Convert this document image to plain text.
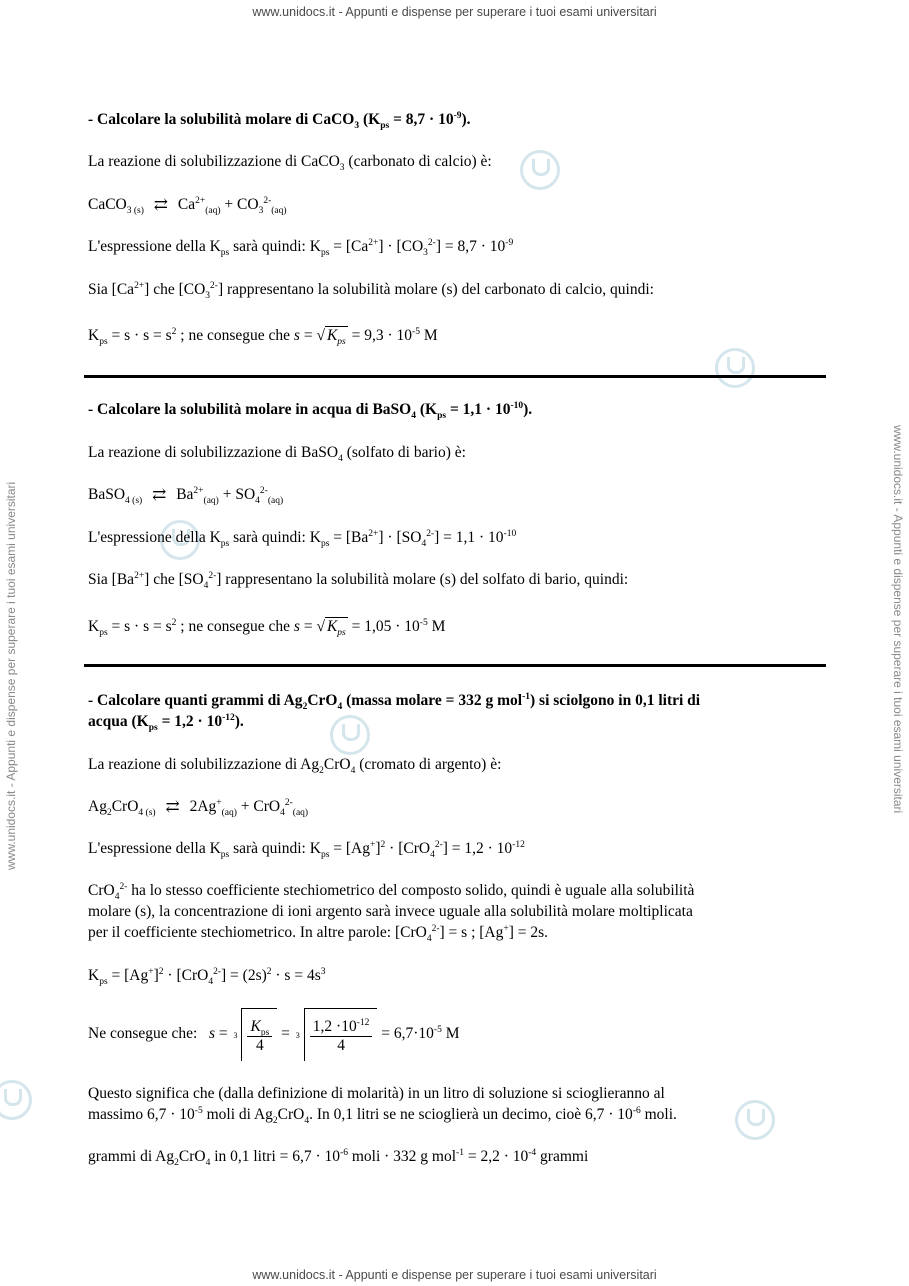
www.unidocs.it - Appunti e dispense per superare i tuoi esami universitari
www.unidocs.it - Appunti e dispense per superare i tuoi esami universitari
www.unidocs.it - Appunti e dispense per superare i tuoi esami universitari	www.unidocs.it - Appunti e dispense per superare i tuoi esami universitari
- Calcolare la solubilità molare di CaCO$_3$ $(K_{ps} = 8,7 \cdot 10^{-9})$.
La reazione di solubilizzazione di CaCO$_3$ (carbonato di calcio) è:
CaCO$_{3 (s)}$ ⇄ $Ca^{2+}_{(aq)} + CO_3^{2-}_{(aq)}$
L'espressione della $K_{ps}$ sarà quindi: $K_{ps} = [Ca^{2+}] \cdot [CO_3^{2-}] = 8,7 \cdot 10^{-9}$
Sia $[Ca^{2+}]$ che $[CO_3^{2-}]$ rappresentano la solubilità molare (s) del carbonato di calcio, quindi:
$K_{ps} = s \cdot s = s^2$ ; ne consegue che s = √ $K_{ps} = 9,3 \cdot 10^{-5}$ M
- Calcolare la solubilità molare in acqua di BaSO$_4$ $(K_{ps} = 1,1 \cdot 10^{-10})$.
La reazione di solubilizzazione di BaSO$_4$ (solfato di bario) è:
BaSO$_{4 (s)}$ ⇄ $Ba^{2+}_{(aq)} + SO_4^{2-}_{(aq)}$
L'espressione della $K_{ps}$ sarà quindi: $K_{ps} = [Ba^{2+}] \cdot [SO_4^{2-}] = 1,1 \cdot 10^{-10}$
Sia $[Ba^{2+}]$ che $[SO_4^{2-}]$ rappresentano la solubilità molare (s) del solfato di bario, quindi:
$K_{ps} = s \cdot s = s^2$ ; ne consegue che s = √ $K_{ps} = 1,05 \cdot 10^{-5}$ M
- Calcolare quanti grammi di $Ag_2CrO_4$ (massa molare = 332 g mol$^{-1}$) si sciolgono in 0,1 litri di
acqua $(K_{ps} = 1,2 \cdot 10^{-12})$.
La reazione di solubilizzazione di $Ag_2CrO_4$ (cromato di argento) è:
$Ag_2CrO_{4 (s)}$ ⇄ $2Ag^+_{(aq)} + CrO_4^{2-}_{(aq)}$
L'espressione della $K_{ps}$ sarà quindi: $K_{ps} = [Ag^+]^2 \cdot [CrO_4^{2-}] = 1,2 \cdot 10^{-12}$
CrO$_4^{2-}$ ha lo stesso coefficiente stechiometrico del composto solido, quindi è uguale alla solubilità
molare (s), la concentrazione di ioni argento sarà invece uguale alla solubilità molare moltiplicata
per il coefficiente stechiometrico. In altre parole: [CrO$_4^{2-}$] = s ; [Ag+] = 2s.
$K_{ps} = [Ag^+]^2 \cdot [CrO_4^{2-}] = (2s)^2 \cdot s = 4s^3$
Ne consegue che: $s = 3 \frac{K_{ps}}{4} = 3 \frac{1,2 \cdot 10^{-12}}{4} = 6,7\cdot 10^{-5}$ M
Questo significa che (dalla definizione di molarità) in un litro di soluzione si scioglieranno al
massimo $6,7 \cdot 10^{-5}$ moli di $Ag_2CrO_4$. In 0,1 litri se ne scioglierà un decimo, cioè $6,7 \cdot 10^{-6}$ moli.
grammi di $Ag_2CrO_4$ in 0,1 litri = $6,7 \cdot 10^{-6}$ moli · 332 g $mol^{-1} = 2,2 \cdot 10^{-4}$ grammi
